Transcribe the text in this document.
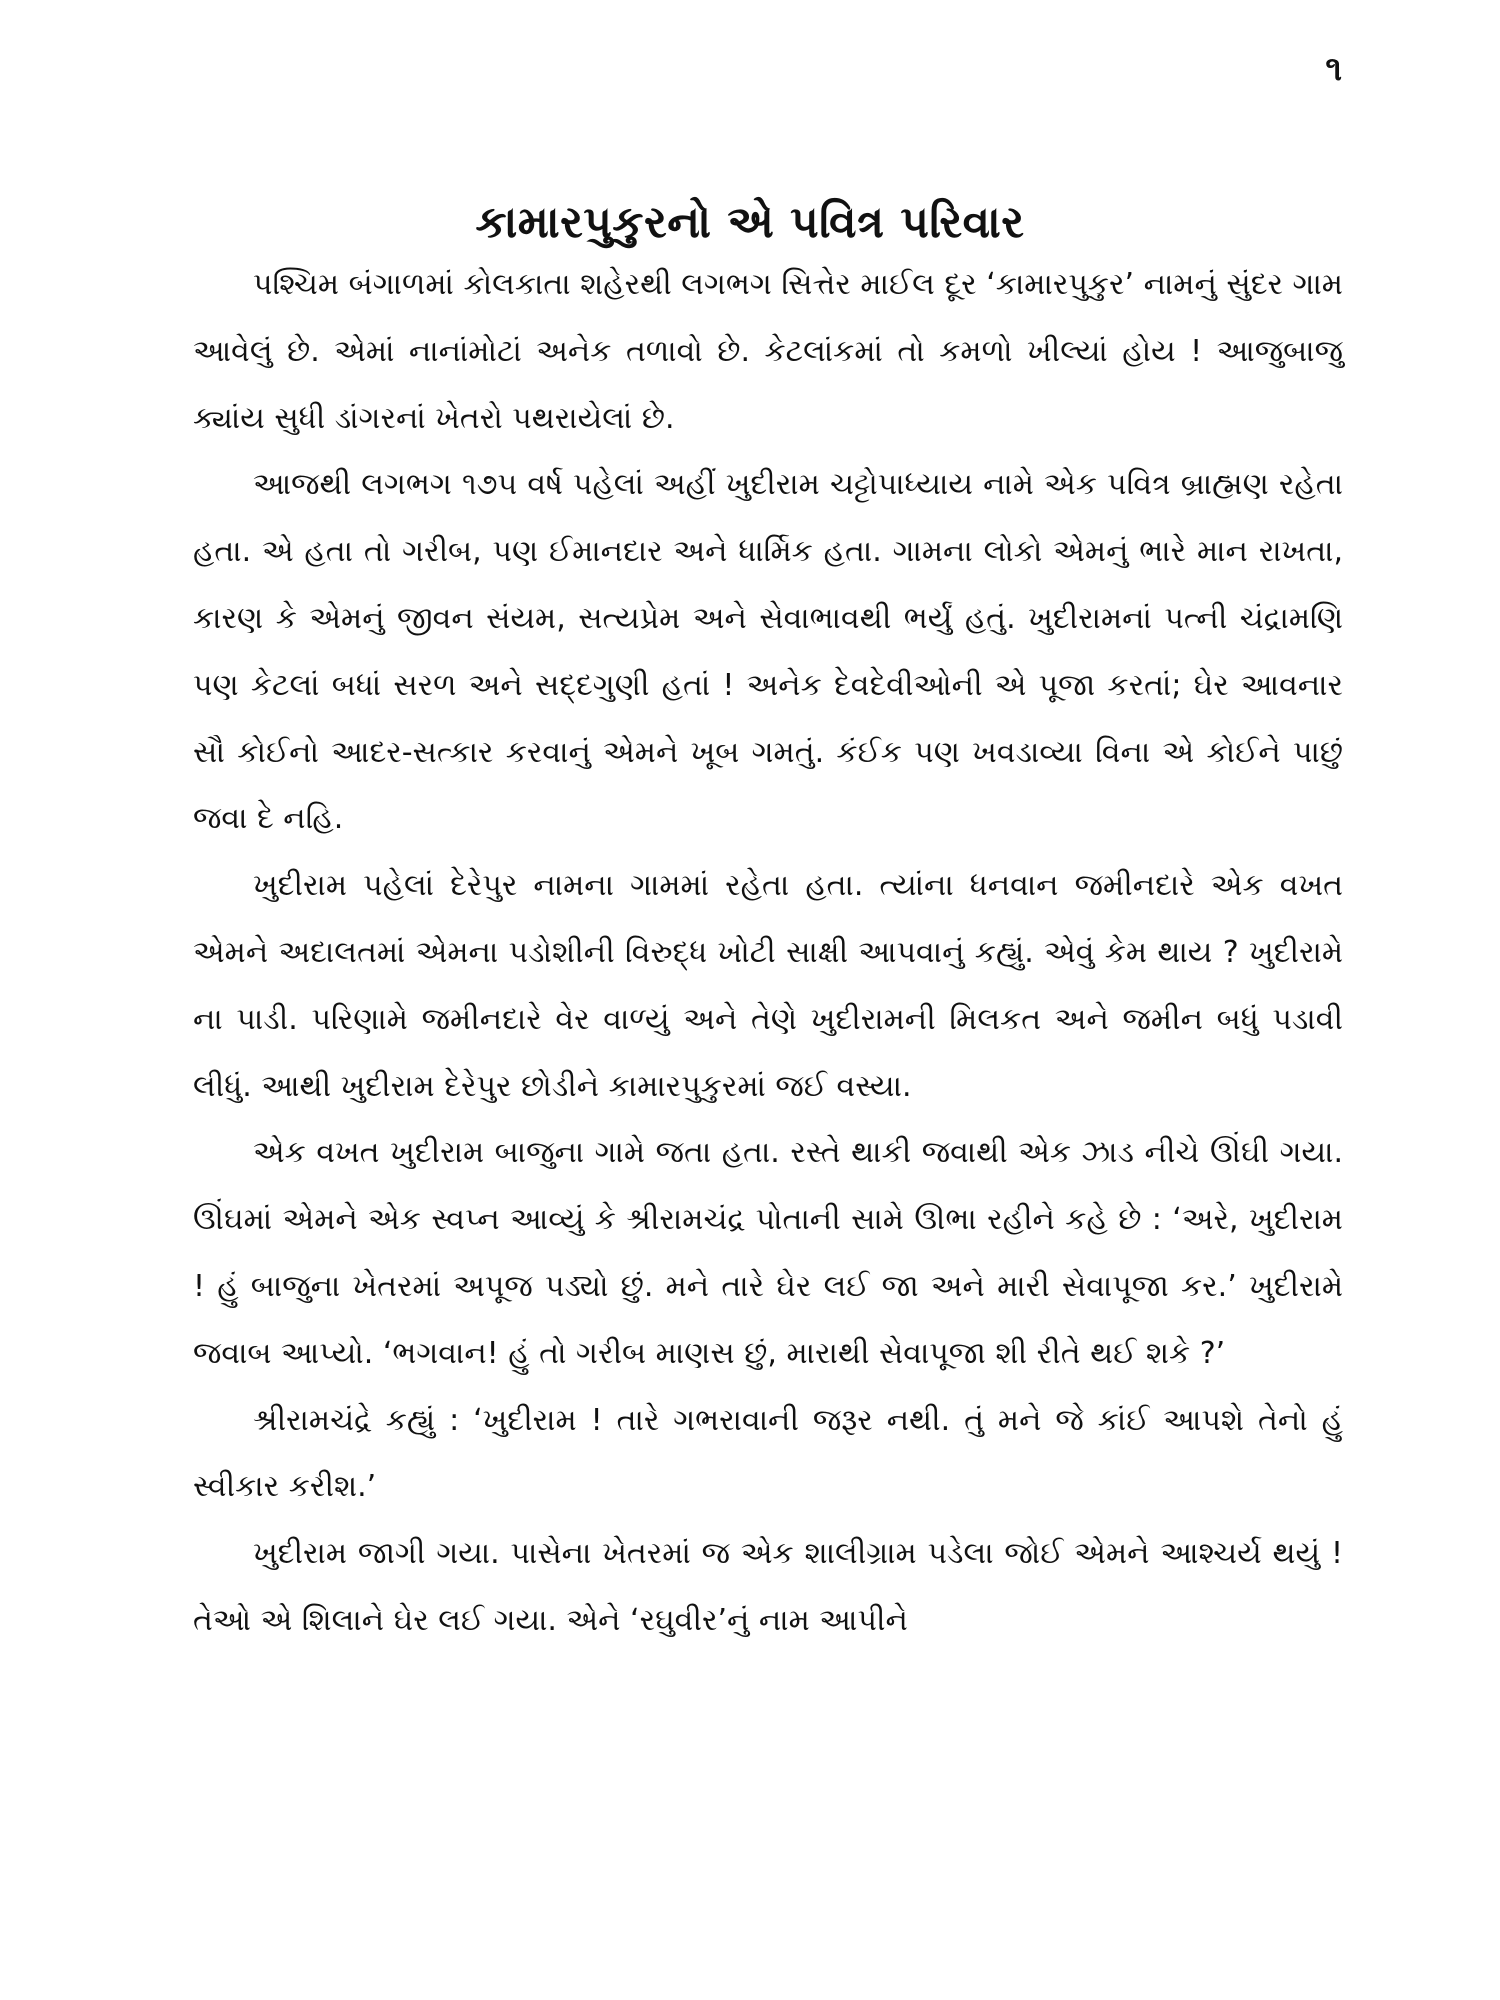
૧
કામારપુકુરનો એ પવિત્ર પરિવાર

પશ્ચિમ બંગાળમાં કોલકાતા શહેરથી લગભગ સિત્તેર માઈલ દૂર ‘કામારપુકુર’ નામનું સુંદર ગામ આવેલું છે. એમાં નાનાંમોટાં અનેક તળાવો છે. કેટલાંકમાં તો કમળો ખીલ્યાં હોય ! આજુબાજુ ક્યાંય સુધી ડાંગરનાં ખેતરો પથરાયેલાં છે.

આજથી લગભગ ૧૭૫ વર્ષ પહેલાં અહીં ખુદીરામ ચટ્ટોપાધ્યાય નામે એક પવિત્ર બ્રાહ્મણ રહેતા હતા. એ હતા તો ગરીબ, પણ ઈમાનદાર અને ધાર્મિક હતા. ગામના લોકો એમનું ભારે માન રાખતા, કારણ કે એમનું જીવન સંયમ, સત્યપ્રેમ અને સેવાભાવથી ભર્યું હતું. ખુદીરામનાં પત્ની ચંદ્રામણિ પણ કેટલાં બધાં સરળ અને સદ્દગુણી હતાં ! અનેક દેવદેવીઓની એ પૂજા કરતાં; ઘેર આવનાર સૌ કોઈનો આદર-સત્કાર કરવાનું એમને ખૂબ ગમતું. કંઈક પણ ખવડાવ્યા વિના એ કોઈને પાછું જવા દે નહિ.

ખુદીરામ પહેલાં દેરેપુર નામના ગામમાં રહેતા હતા. ત્યાંના ધનવાન જમીનદારે એક વખત એમને અદાલતમાં એમના પડોશીની વિરુદ્ધ ખોટી સાક્ષી આપવાનું કહ્યું. એવું કેમ થાય ? ખુદીરામે ના પાડી. પરિણામે જમીનદારે વેર વાળ્યું અને તેણે ખુદીરામની મિલકત અને જમીન બધું પડાવી લીધું. આથી ખુદીરામ દેરેપુર છોડીને કામારપુકુરમાં જઈ વસ્યા.

એક વખત ખુદીરામ બાજુના ગામે જતા હતા. રસ્તે થાકી જવાથી એક ઝાડ નીચે ઊંઘી ગયા. ઊંઘમાં એમને એક સ્વપ્ન આવ્યું કે શ્રીરામચંદ્ર પોતાની સામે ઊભા રહીને કહે છે : ‘અરે, ખુદીરામ ! હું બાજુના ખેતરમાં અપૂજ પડ્યો છું. મને તારે ઘેર લઈ જા અને મારી સેવાપૂજા કર.’ ખુદીરામે જવાબ આપ્યો. ‘ભગવાન! હું તો ગરીબ માણસ છું, મારાથી સેવાપૂજા શી રીતે થઈ શકે ?’

શ્રીરામચંદ્રે કહ્યું : ‘ખુદીરામ ! તારે ગભરાવાની જરૂર નથી. તું મને જે કાંઈ આપશે તેનો હું સ્વીકાર કરીશ.’

ખુદીરામ જાગી ગયા. પાસેના ખેતરમાં જ એક શાલીગ્રામ પડેલા જોઈ એમને આશ્ચર્ય થયું ! તેઓ એ શિલાને ઘેર લઈ ગયા. એને ‘રઘુવીર’નું નામ આપીને
